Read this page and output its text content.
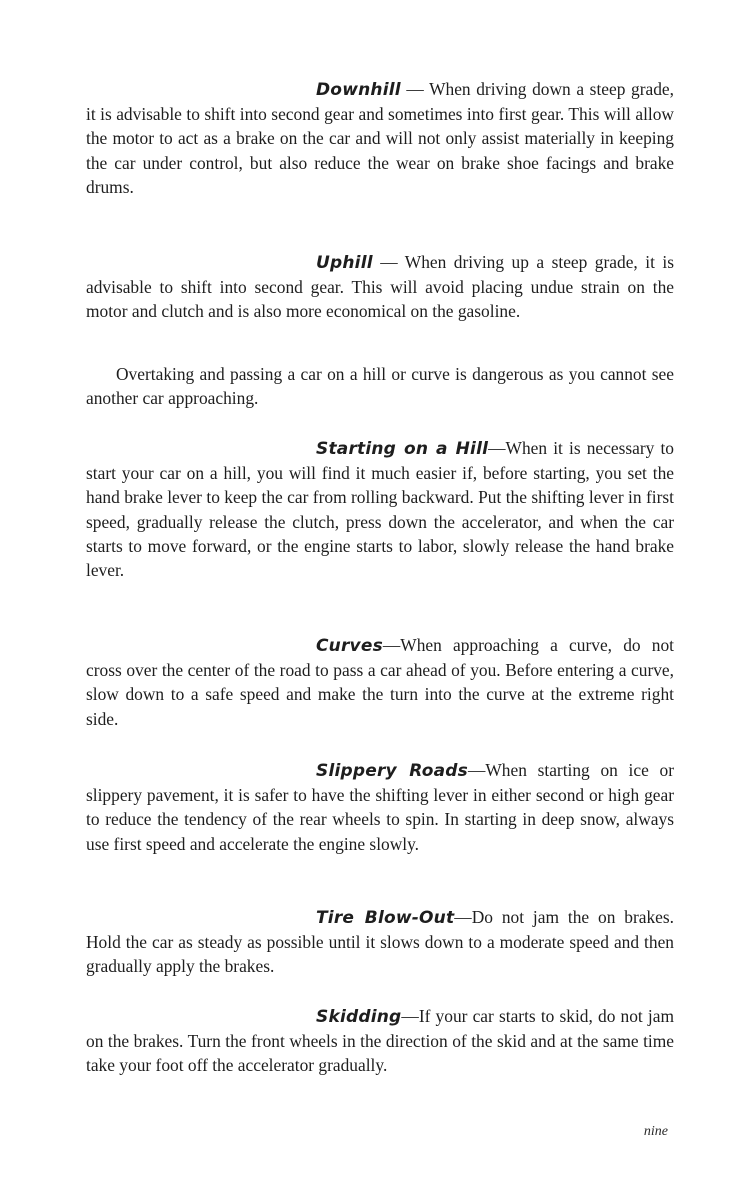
Downhill — When driving down a steep grade, it is advisable to shift into second gear and sometimes into first gear. This will allow the motor to act as a brake on the car and will not only assist materially in keeping the car under control, but also reduce the wear on brake shoe facings and brake drums.

Uphill — When driving up a steep grade, it is advisable to shift into second gear. This will avoid placing undue strain on the motor and clutch and is also more economical on the gasoline.

Overtaking and passing a car on a hill or curve is dangerous as you cannot see another car approaching.

Starting on a Hill—When it is necessary to start your car on a hill, you will find it much easier if, before starting, you set the hand brake lever to keep the car from rolling backward. Put the shifting lever in first speed, gradually release the clutch, press down the accelerator, and when the car starts to move forward, or the engine starts to labor, slowly release the hand brake lever.

Curves—When approaching a curve, do not cross over the center of the road to pass a car ahead of you. Before entering a curve, slow down to a safe speed and make the turn into the curve at the extreme right side.

Slippery Roads—When starting on ice or slippery pavement, it is safer to have the shifting lever in either second or high gear to reduce the tendency of the rear wheels to spin. In starting in deep snow, always use first speed and accelerate the engine slowly.

Tire Blow-Out—Do not jam the on brakes. Hold the car as steady as possible until it slows down to a moderate speed and then gradually apply the brakes.

Skidding—If your car starts to skid, do not jam on the brakes. Turn the front wheels in the direction of the skid and at the same time take your foot off the accelerator gradually.

nine
